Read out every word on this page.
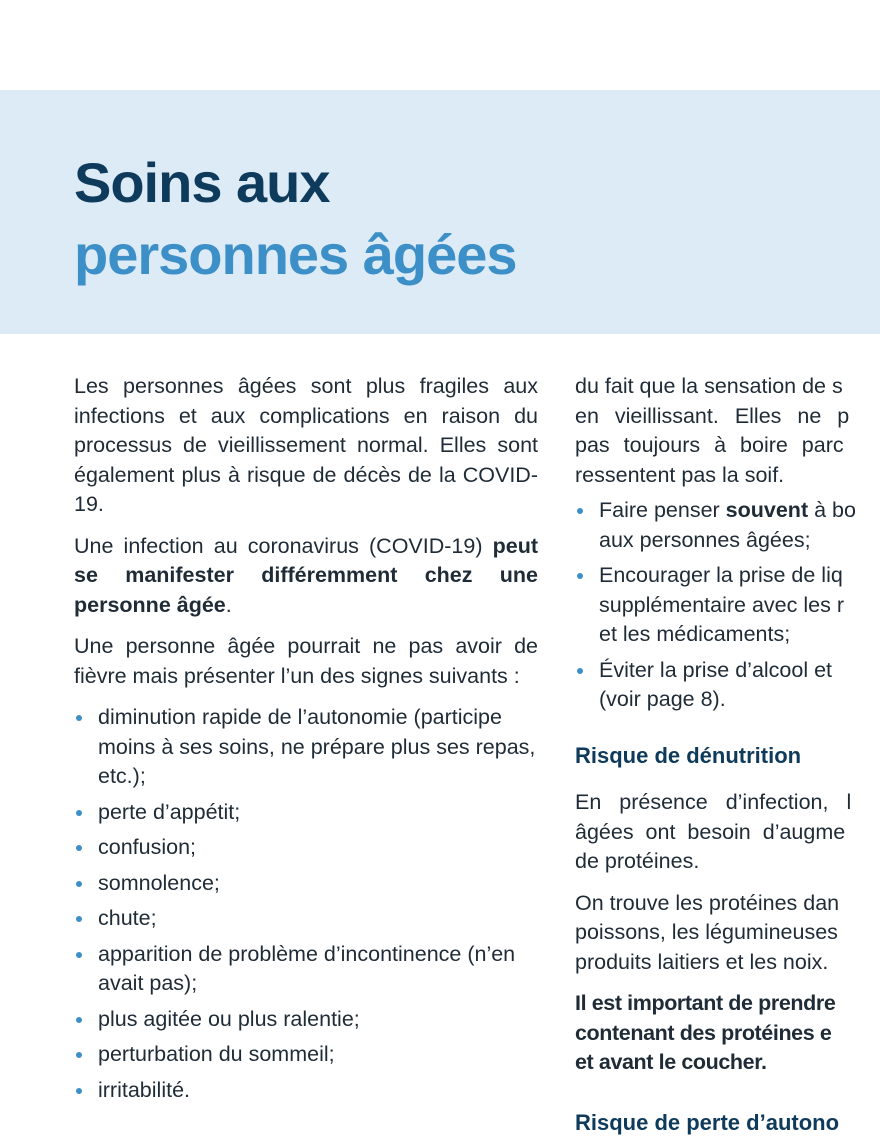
Soins aux
personnes âgées

Les personnes âgées sont plus fragiles aux infections et aux complications en raison du processus de vieillissement normal. Elles sont également plus à risque de décès de la COVID-19.

Une infection au coronavirus (COVID-19) peut se manifester différemment chez une personne âgée.

Une personne âgée pourrait ne pas avoir de fièvre mais présenter l’un des signes suivants :

diminution rapide de l’autonomie (participe moins à ses soins, ne prépare plus ses repas, etc.);
perte d’appétit;
confusion;
somnolence;
chute;
apparition de problème d’incontinence (n’en avait pas);
plus agitée ou plus ralentie;
perturbation du sommeil;
irritabilité.

du fait que la sensation de s
en vieillissant. Elles ne p
pas toujours à boire parc
ressentent pas la soif.

Faire penser souvent à bo
aux personnes âgées;
Encourager la prise de liq
supplémentaire avec les r
et les médicaments;
Éviter la prise d’alcool et
(voir page 8).
Risque de dénutrition

En présence d’infection, l
âgées ont besoin d’augme
de protéines.

On trouve les protéines dan
poissons, les légumineuses
produits laitiers et les noix.

Il est important de prendre
contenant des protéines e
et avant le coucher.

Risque de perte d’autono
